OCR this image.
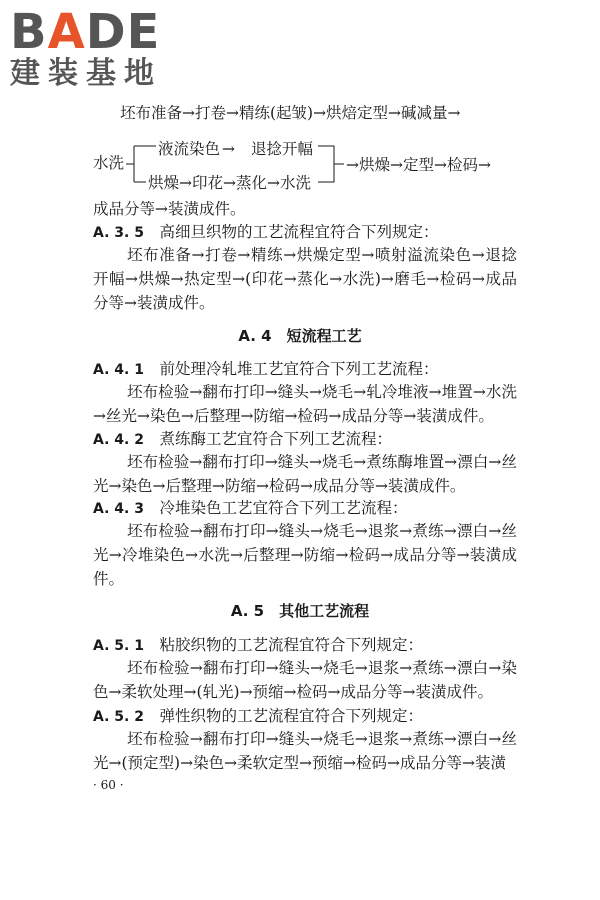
BADE
建装基地
坯布准备→打卷→精练(起皱)→烘焙定型→碱减量→
水洗
液流染色 → 退捻开幅
烘燥→印花→蒸化→水洗
→烘燥→定型→检码→
成品分等→装潢成件。
A. 3. 5　 高细旦织物的工艺流程宜符合下列规定：
坯布准备→打卷→精练→烘燥定型→喷射溢流染色→退捻开幅→烘燥→热定型→(印花→蒸化→水洗)→磨毛→检码→成品分等→装潢成件。
A. 4　短流程工艺
A. 4. 1　 前处理冷轧堆工艺宜符合下列工艺流程：
坯布检验→翻布打印→缝头→烧毛→轧冷堆液→堆置→水洗→丝光→染色→后整理→防缩→检码→成品分等→装潢成件。
A. 4. 2　 煮练酶工艺宜符合下列工艺流程：
坯布检验→翻布打印→缝头→烧毛→煮练酶堆置→漂白→丝光→染色→后整理→防缩→检码→成品分等→装潢成件。
A. 4. 3　 冷堆染色工艺宜符合下列工艺流程：
坯布检验→翻布打印→缝头→烧毛→退浆→煮练→漂白→丝光→冷堆染色→水洗→后整理→防缩→检码→成品分等→装潢成件。
A. 5　其他工艺流程
A. 5. 1　 粘胶织物的工艺流程宜符合下列规定：
坯布检验→翻布打印→缝头→烧毛→退浆→煮练→漂白→染色→柔软处理→(轧光)→预缩→检码→成品分等→装潢成件。
A. 5. 2　 弹性织物的工艺流程宜符合下列规定：
坯布检验→翻布打印→缝头→烧毛→退浆→煮练→漂白→丝光→(预定型)→染色→柔软定型→预缩→检码→成品分等→装潢
· 60 ·
